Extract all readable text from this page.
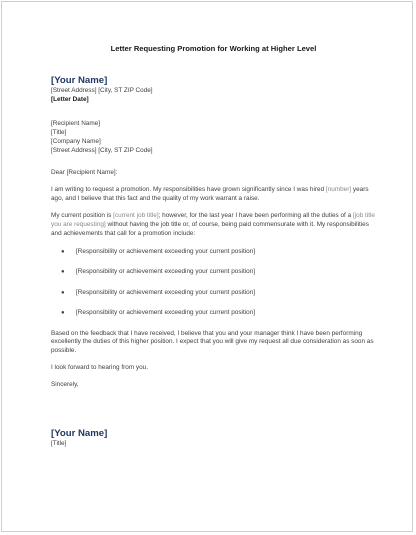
Letter Requesting Promotion for Working at Higher Level

[Your Name]

[Street Address] [City, ST ZIP Code]

[Letter Date]

[Recipient Name]

[Title]

[Company Name]

[Street Address] [City, ST ZIP Code]

Dear [Recipient Name]:

I am writing to request a promotion. My responsibilities have grown significantly since I was hired [number] years ago, and I believe that this fact and the quality of my work warrant a raise.

My current position is [current job title]; however, for the last year I have been performing all the duties of a [job title you are requesting] without having the job title or, of course, being paid commensurate with it. My responsibilities and achievements that call for a promotion include:

● [Responsibility or achievement exceeding your current position]
● [Responsibility or achievement exceeding your current position]
● [Responsibility or achievement exceeding your current position]
● [Responsibility or achievement exceeding your current position]

Based on the feedback that I have received, I believe that you and your manager think I have been performing excellently the duties of this higher position. I expect that you will give my request all due consideration as soon as possible.

I look forward to hearing from you.

Sincerely,

[Your Name]

[Title]
